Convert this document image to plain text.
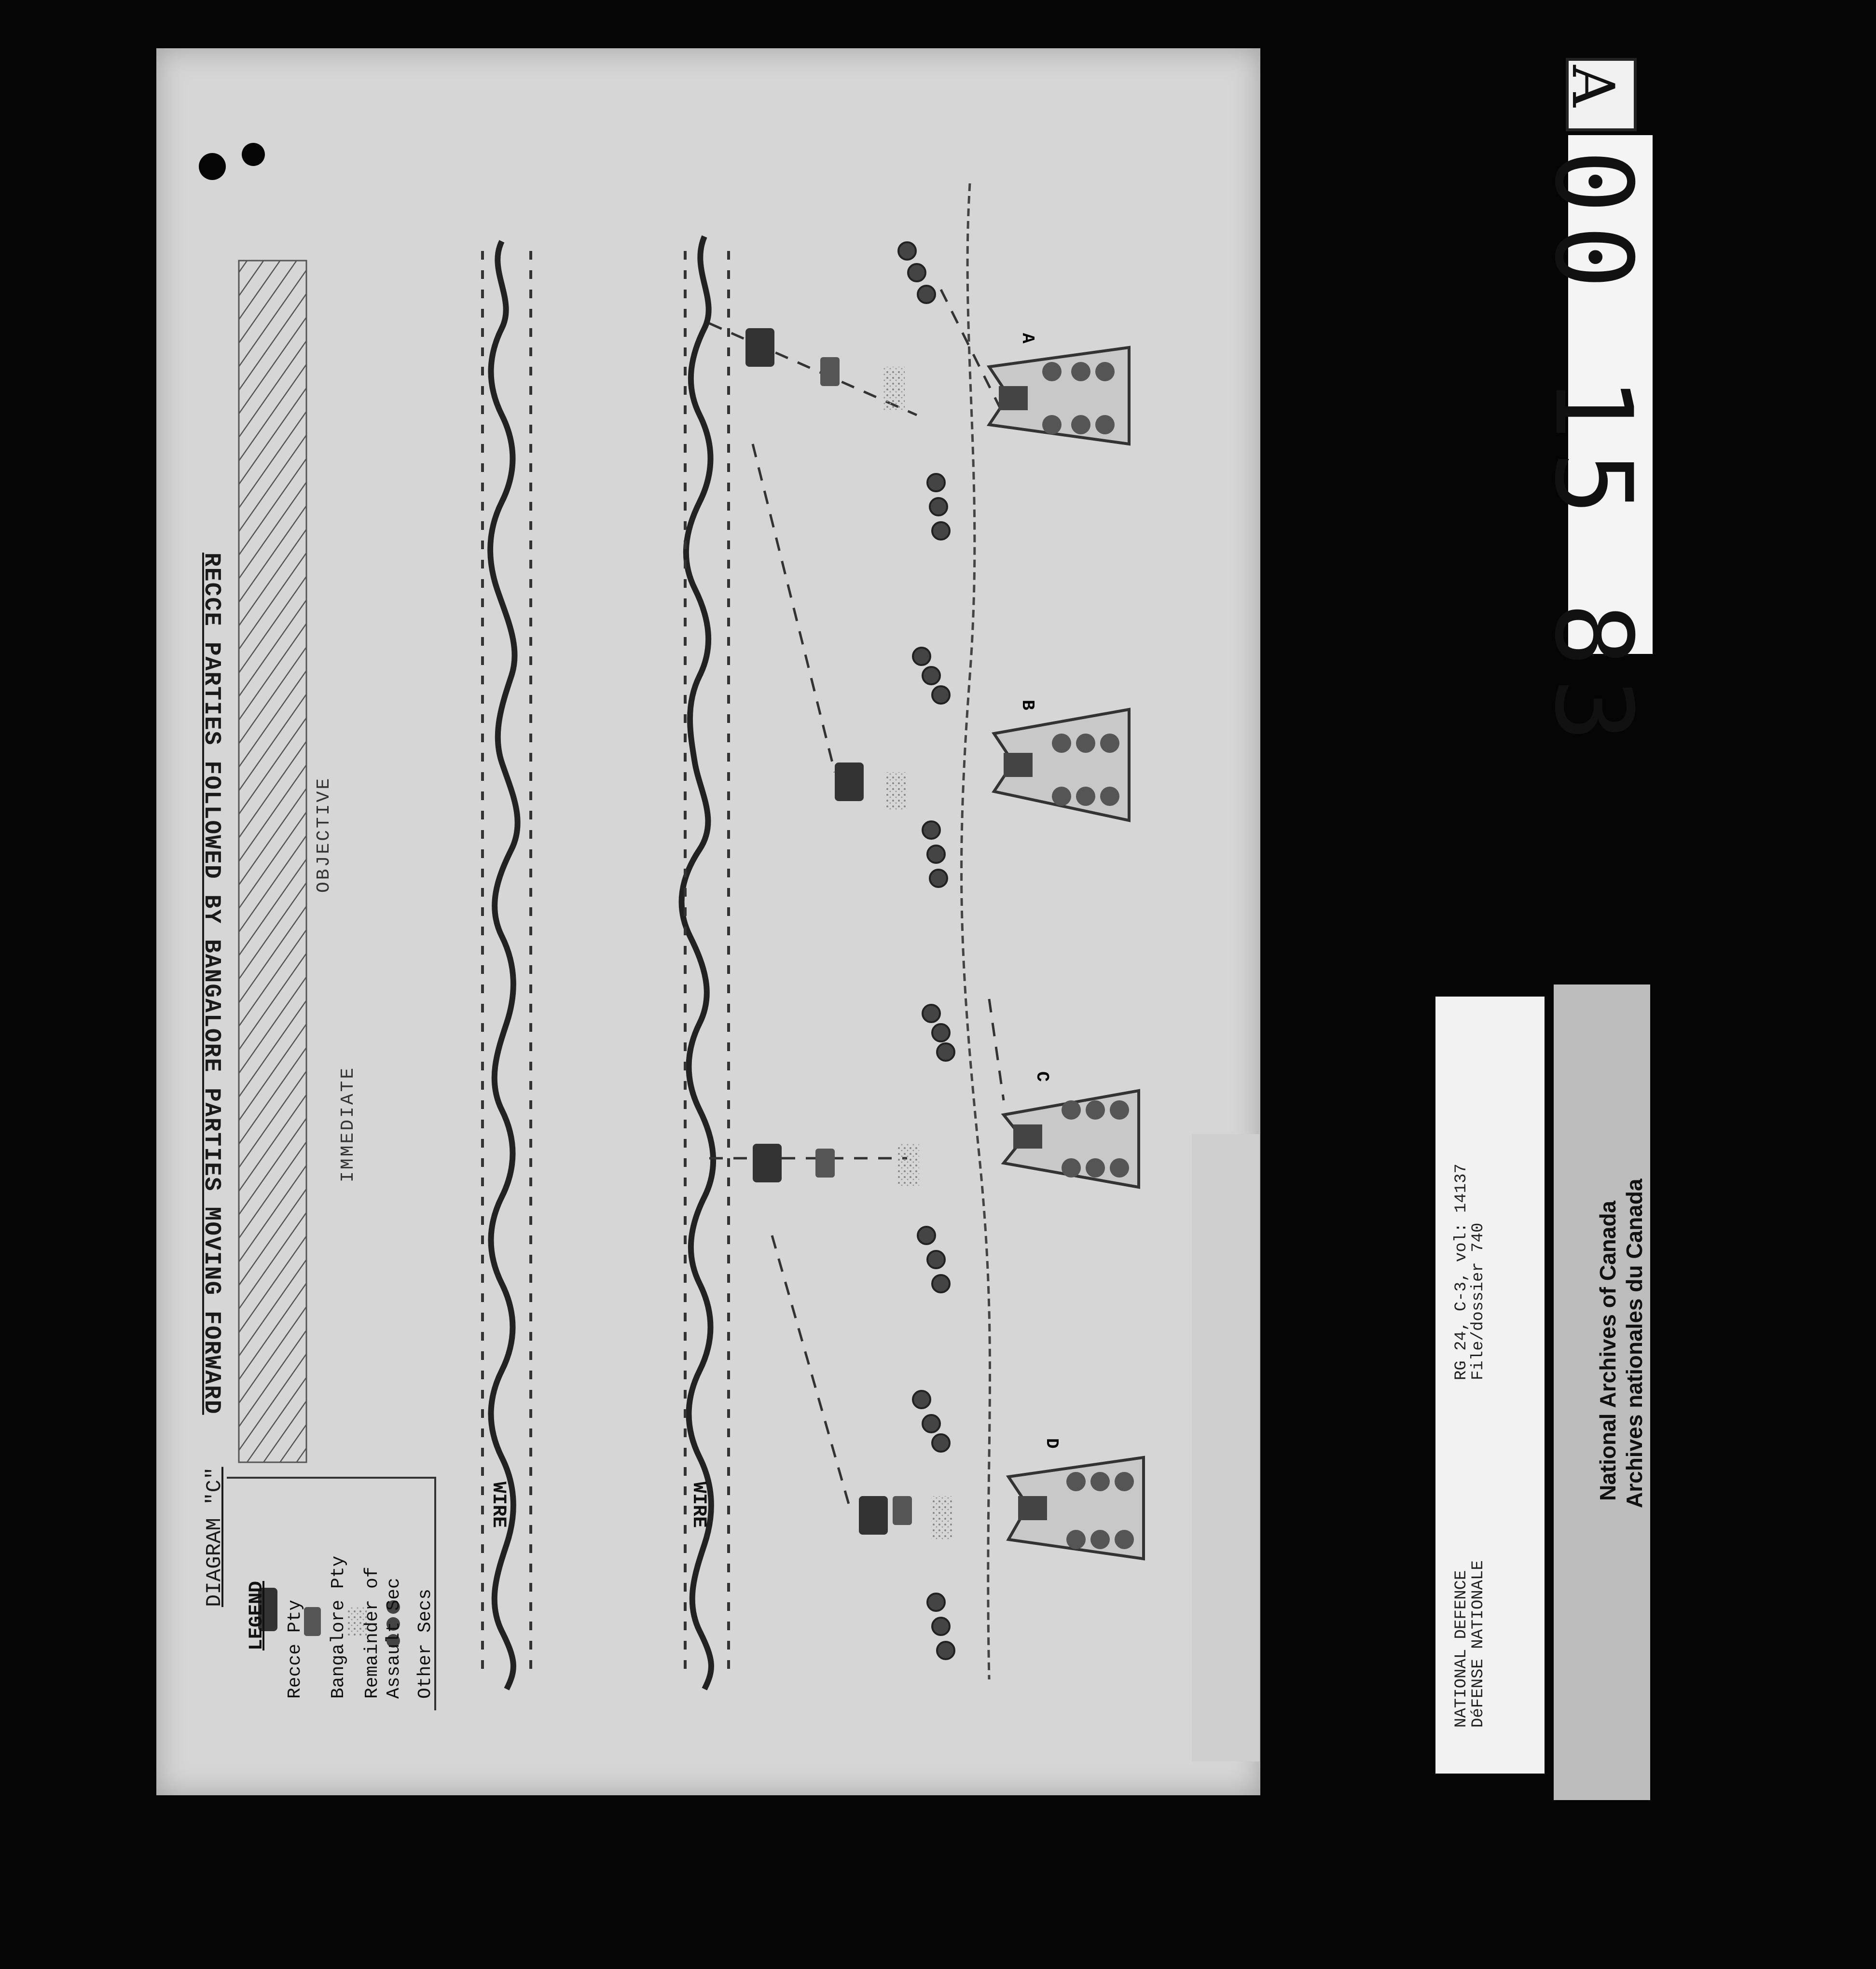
RECCE PARTIES FOLLOWED BY BANGALORE PARTIES MOVING FORWARD
DIAGRAM "C"
IMMEDIATE
OBJECTIVE
WIRE	WIRE
A
B
C
D
LEGEND Recce Pty Bangalore Pty Remainder of Assault Sec Other Secs	NATIONAL DEFENCE
DéFENSE NATIONALE
RG 24, C-3, vol: 14137
File/dossier 740	National Archives of Canada Archives nationales du Canada
A
00 15 83
